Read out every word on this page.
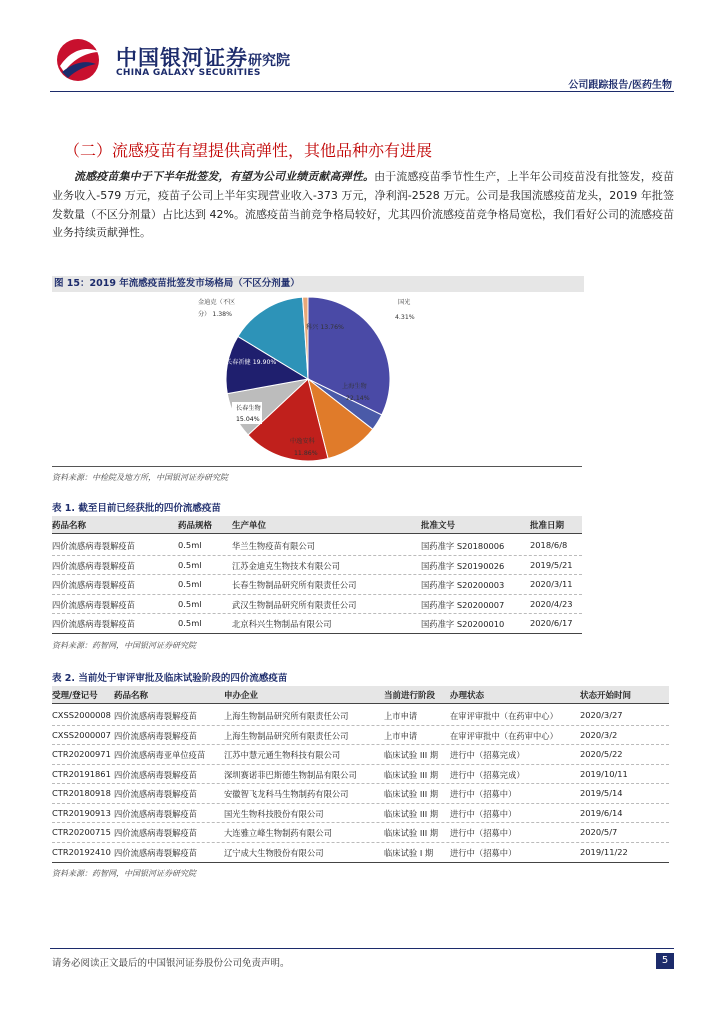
中国银河证券
CHINA GALAXY SECURITIES
研究院
公司跟踪报告/医药生物
（二）流感疫苗有望提供高弹性，其他品种亦有进展
流感疫苗集中于下半年批签发，有望为公司业绩贡献高弹性。由于流感疫苗季节性生产，上半年公司疫苗没有批签发，疫苗业务收入-579 万元，疫苗子公司上半年实现营业收入-373 万元，净利润-2528 万元。公司是我国流感疫苗龙头，2019 年批签发数量（不区分剂量）占比达到 42%。流感疫苗当前竞争格局较好，尤其四价流感疫苗竞争格局宽松，我们看好公司的流感疫苗业务持续贡献弹性。
图 15：2019 年流感疫苗批签发市场格局（不区分剂量）
国光
4.31%
科兴 13.76%
上海生物
22.14%
中逸安科
11.86%
长春生物
15.04%
长春祈健 19.90%
金迪克（不区
分） 1.38%
资料来源：中检院及地方所，中国银河证券研究院
表 1. 截至目前已经获批的四价流感疫苗
药品名称	药品规格 生产单位	批准文号	批准日期
四价流感病毒裂解疫苗	0.5ml	华兰生物疫苗有限公司	国药准字 S20180006	2018/6/8
四价流感病毒裂解疫苗	0.5ml	江苏金迪克生物技术有限公司	国药准字 S20190026	2019/5/21
四价流感病毒裂解疫苗	0.5ml	长春生物制品研究所有限责任公司	国药准字 S20200003	2020/3/11
四价流感病毒裂解疫苗	0.5ml	武汉生物制品研究所有限责任公司	国药准字 S20200007	2020/4/23
四价流感病毒裂解疫苗	0.5ml	北京科兴生物制品有限公司	国药准字 S20200010	2020/6/17
资料来源：药智网，中国银河证券研究院
表 2. 当前处于审评审批及临床试验阶段的四价流感疫苗
受理/登记号 药品名称	申办企业	当前进行阶段 办理状态	状态开始时间
CXSS2000008 四价流感病毒裂解疫苗	上海生物制品研究所有限责任公司	上市申请	在审评审批中（在药审中心）	2020/3/27
CXSS2000007 四价流感病毒裂解疫苗	上海生物制品研究所有限责任公司	上市申请	在审评审批中（在药审中心）	2020/3/2
CTR20200971 四价流感病毒亚单位疫苗 江苏中慧元通生物科技有限公司	临床试验 III 期 进行中（招募完成）	2020/5/22
CTR20191861 四价流感病毒裂解疫苗	深圳赛诺菲巴斯德生物制品有限公司	临床试验 III 期 进行中（招募完成）	2019/10/11
CTR20180918 四价流感病毒裂解疫苗	安徽智飞龙科马生物制药有限公司	临床试验 III 期 进行中（招募中）	2019/5/14
CTR20190913 四价流感病毒裂解疫苗	国光生物科技股份有限公司	临床试验 III 期 进行中（招募中）	2019/6/14
CTR20200715 四价流感病毒裂解疫苗	大连雅立峰生物制药有限公司	临床试验 III 期 进行中（招募中）	2020/5/7
CTR20192410 四价流感病毒裂解疫苗	辽宁成大生物股份有限公司	临床试验 I 期 进行中（招募中）	2019/11/22
资料来源：药智网，中国银河证券研究院
请务必阅读正文最后的中国银河证券股份公司免责声明。	5
